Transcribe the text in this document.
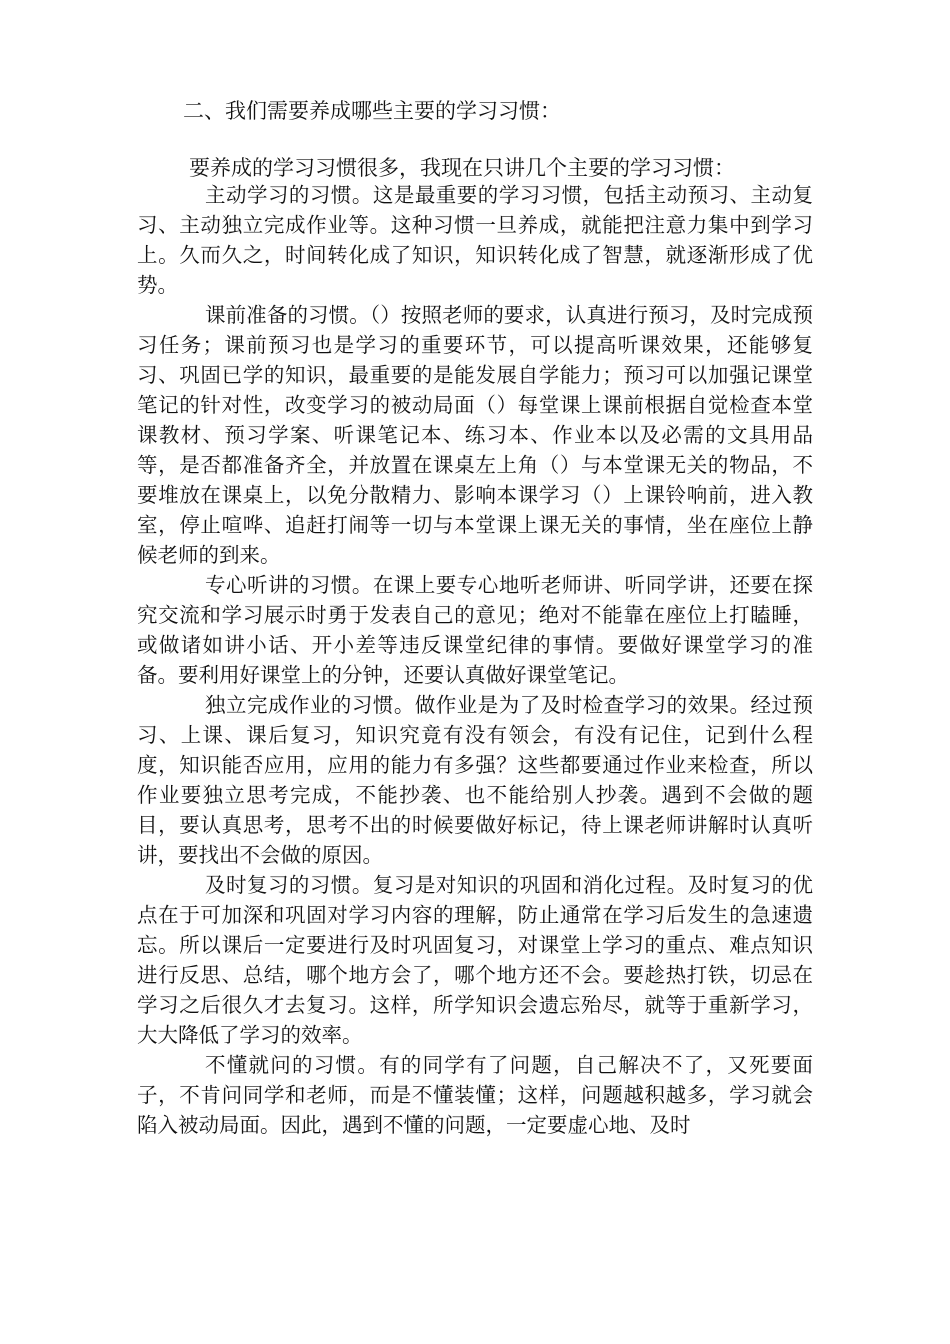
二、我们需要养成哪些主要的学习习惯：

要养成的学习习惯很多，我现在只讲几个主要的学习习惯：

主动学习的习惯。这是最重要的学习习惯，包括主动预习、主动复习、主动独立完成作业等。这种习惯一旦养成，就能把注意力集中到学习上。久而久之，时间转化成了知识，知识转化成了智慧，就逐渐形成了优势。

课前准备的习惯。（）按照老师的要求，认真进行预习，及时完成预习任务；课前预习也是学习的重要环节，可以提高听课效果，还能够复习、巩固已学的知识，最重要的是能发展自学能力；预习可以加强记课堂笔记的针对性，改变学习的被动局面（）每堂课上课前根据自觉检查本堂课教材、预习学案、听课笔记本、练习本、作业本以及必需的文具用品等，是否都准备齐全，并放置在课桌左上角（）与本堂课无关的物品，不要堆放在课桌上，以免分散精力、影响本课学习（）上课铃响前，进入教室，停止喧哗、追赶打闹等一切与本堂课上课无关的事情，坐在座位上静候老师的到来。

专心听讲的习惯。在课上要专心地听老师讲、听同学讲，还要在探究交流和学习展示时勇于发表自己的意见；绝对不能靠在座位上打瞌睡，或做诸如讲小话、开小差等违反课堂纪律的事情。要做好课堂学习的准备。要利用好课堂上的分钟，还要认真做好课堂笔记。

独立完成作业的习惯。做作业是为了及时检查学习的效果。经过预习、上课、课后复习，知识究竟有没有领会，有没有记住，记到什么程度，知识能否应用，应用的能力有多强？这些都要通过作业来检查，所以作业要独立思考完成，不能抄袭、也不能给别人抄袭。遇到不会做的题目，要认真思考，思考不出的时候要做好标记，待上课老师讲解时认真听讲，要找出不会做的原因。

及时复习的习惯。复习是对知识的巩固和消化过程。及时复习的优点在于可加深和巩固对学习内容的理解，防止通常在学习后发生的急速遗忘。所以课后一定要进行及时巩固复习，对课堂上学习的重点、难点知识进行反思、总结，哪个地方会了，哪个地方还不会。要趁热打铁，切忌在学习之后很久才去复习。这样，所学知识会遗忘殆尽，就等于重新学习，大大降低了学习的效率。

不懂就问的习惯。有的同学有了问题，自己解决不了，又死要面子，不肯问同学和老师，而是不懂装懂；这样，问题越积越多，学习就会陷入被动局面。因此，遇到不懂的问题，一定要虚心地、及时
